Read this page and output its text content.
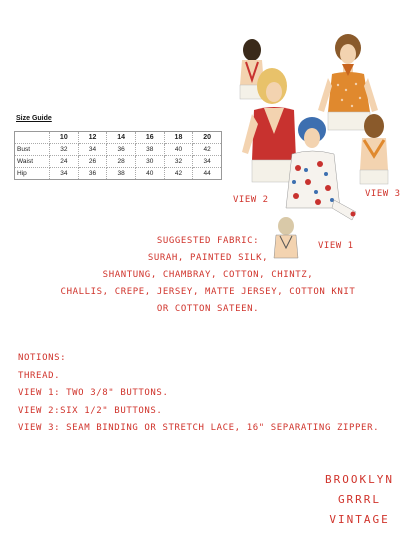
Size Guide
	10	12	14	16	18	20
Bust	32	34	36	38	40	42
Waist	24	26	28	30	32	34
Hip	34	36	38	40	42	44
VIEW 2
VIEW 3
VIEW 1
SUGGESTED FABRIC:
SURAH, PAINTED SILK,
SHANTUNG, CHAMBRAY, COTTON, CHINTZ,
CHALLIS, CREPE, JERSEY, MATTE JERSEY, COTTON KNIT
OR COTTON SATEEN.
NOTIONS:
THREAD.
VIEW 1: TWO 3/8" BUTTONS.
VIEW 2:SIX 1/2" BUTTONS.
VIEW 3: SEAM BINDING OR STRETCH LACE, 16" SEPARATING ZIPPER.
BROOKLYN
GRRRL
VINTAGE
